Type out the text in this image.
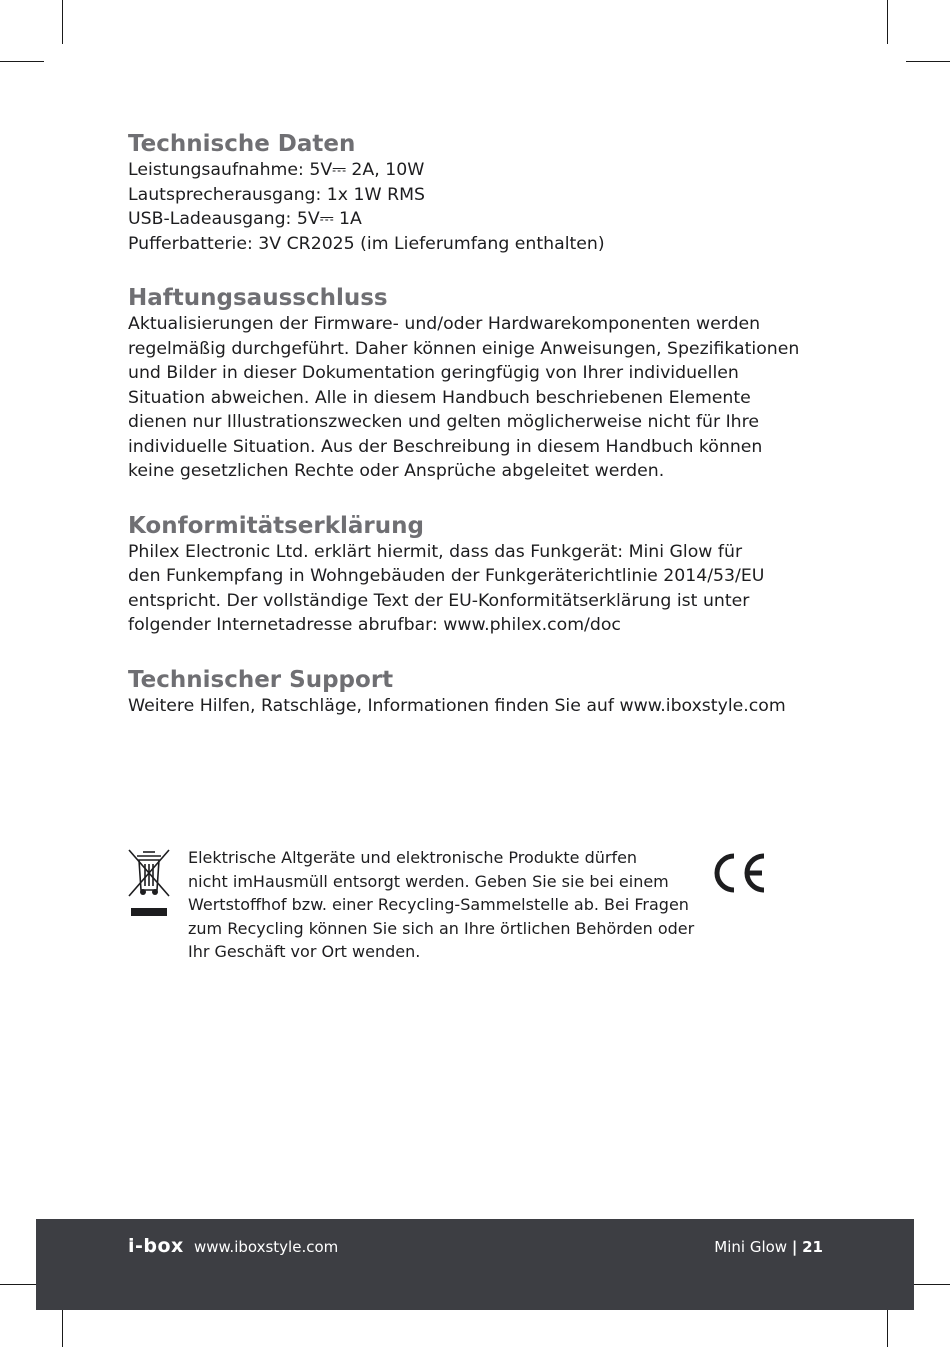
Technische Daten
Leistungsaufnahme: 5V⎓ 2A, 10W
Lautsprecherausgang: 1x 1W RMS
USB-Ladeausgang: 5V⎓ 1A
Pufferbatterie: 3V CR2025 (im Lieferumfang enthalten)
Haftungsausschluss
Aktualisierungen der Firmware- und/oder Hardwarekomponenten werden
regelmäßig durchgeführt. Daher können einige Anweisungen, Spezifikationen
und Bilder in dieser Dokumentation geringfügig von Ihrer individuellen
Situation abweichen. Alle in diesem Handbuch beschriebenen Elemente
dienen nur Illustrationszwecken und gelten möglicherweise nicht für Ihre
individuelle Situation. Aus der Beschreibung in diesem Handbuch können
keine gesetzlichen Rechte oder Ansprüche abgeleitet werden.
Konformitätserklärung
Philex Electronic Ltd. erklärt hiermit, dass das Funkgerät: Mini Glow für
den Funkempfang in Wohngebäuden der Funkgeräterichtlinie 2014/53/EU
entspricht. Der vollständige Text der EU-Konformitätserklärung ist unter
folgender Internetadresse abrufbar: www.philex.com/doc
Technischer Support
Weitere Hilfen, Ratschläge, Informationen finden Sie auf www.iboxstyle.com
Elektrische Altgeräte und elektronische Produkte dürfen
nicht imHausmüll entsorgt werden. Geben Sie sie bei einem
Wertstoffhof bzw. einer Recycling-Sammelstelle ab. Bei Fragen
zum Recycling können Sie sich an Ihre örtlichen Behörden oder
Ihr Geschäft vor Ort wenden.
i-box www.iboxstyle.com	Mini Glow | 21
